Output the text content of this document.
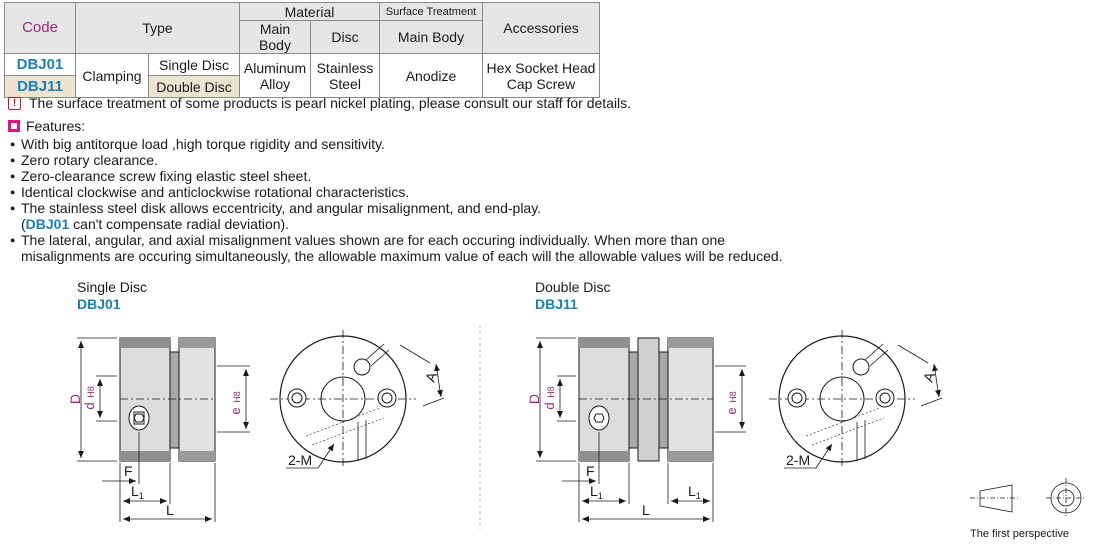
Code	Type		Material		Surface Treatment	Accessories
			Main Body	Disc	Main Body	
DBJ01	Clamping	Single Disc	Aluminum Alloy	Stainless Steel	Anodize	Hex Socket Head Cap Screw
DBJ11		Double Disc				
! The surface treatment of some products is pearl nickel plating, please consult our staff for details.
Features:
● With big antitorque load ,high torque rigidity and sensitivity.
● Zero rotary clearance.
● Zero-clearance screw fixing elastic steel sheet.
● Identical clockwise and anticlockwise rotational characteristics.
● The stainless steel disk allows eccentricity, and angular misalignment, and end-play.
(DBJ01 can't compensate radial deviation).
● The lateral, angular, and axial misalignment values shown are for each occuring individually. When more than one
misalignments are occuring simultaneously, the allowable maximum value of each will the allowable values will be reduced.
Single Disc
DBJ01
Double Disc
DBJ11
D
d
H8
e
H8
F
$L_1$
L
A
2-M
D
d
H8
e
H8
F
$L_1$	$L_1$
L
A
2-M
The first perspective
